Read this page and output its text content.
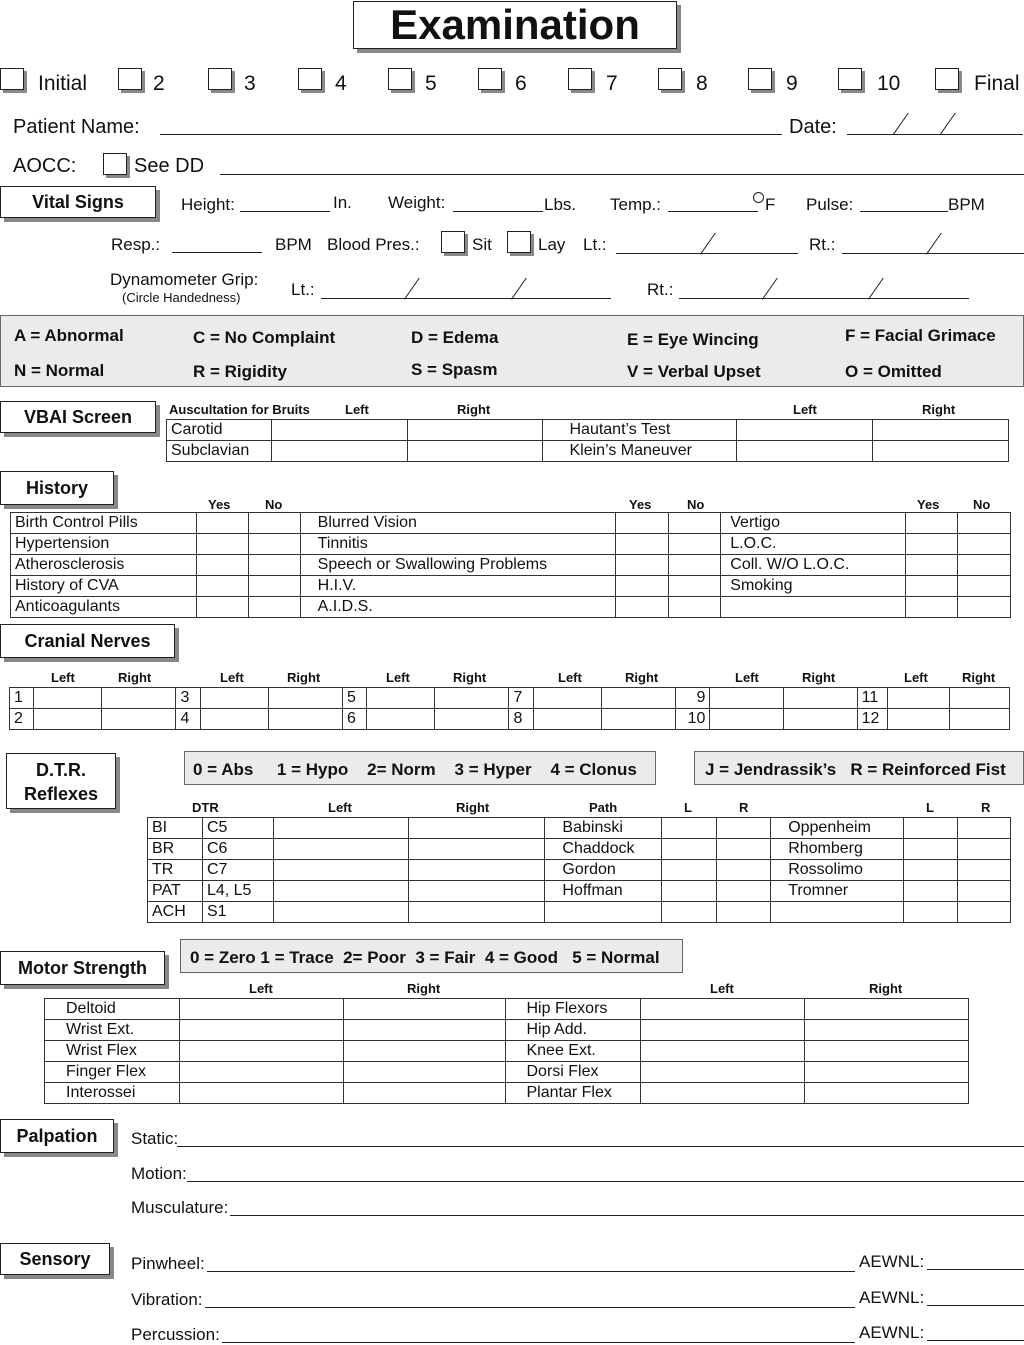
Examination
Initial	2	3	4	5	6	7	8	9	10	Final
Patient Name:	Date:
AOCC:	See DD
Vital Signs	Height:	In. Weight:	Lbs. Temp.:	F Pulse:	BPM
Resp.:	BPM Blood Pres.:	Sit	Lay Lt.:	Rt.:
Dynamometer Grip:
(Circle Handedness)	Lt.:	Rt.:
A = Abnormal	C = No Complaint	D = Edema	E = Eye Wincing	F = Facial Grimace
N = Normal	R = Rigidity	S = Spasm	V = Verbal Upset	O = Omitted
VBAI Screen	Auscultation for Bruits	Left	Right	Left	Right
Carotid			Hautant’s Test		
Subclavian			Klein’s Maneuver		
History
Yes	No	Yes	No	Yes	No
Birth Control Pills			Blurred Vision			Vertigo		
Hypertension			Tinnitis			L.O.C.		
Atherosclerosis			Speech or Swallowing Problems			Coll. W/O L.O.C.		
History of CVA			H.I.V.			Smoking		
Anticoagulants			A.I.D.S.					
Cranial Nerves
Left	Right	Left	Right	Left	Right	Left	Right	Left	Right	Left	Right
1			3			5			7			9			11		
2			4			6			8			10			12		
D.T.R.
Reflexes
0 = Abs     1 = Hypo    2= Norm    3 = Hyper    4 = Clonus	J = Jendrassik’s   R = Reinforced Fist
DTR	Left	Right	Path	L	R	L	R
BI	C5			Babinski			Oppenheim		
BR	C6			Chaddock			Rhomberg		
TR	C7			Gordon			Rossolimo		
PAT	L4, L5			Hoffman			Tromner		
ACH	S1								
Motor Strength
0 = Zero 1 = Trace  2= Poor  3 = Fair  4 = Good   5 = Normal
Left	Right	Left	Right
Deltoid			Hip Flexors		
Wrist Ext.			Hip Add.		
Wrist Flex			Knee Ext.		
Finger Flex			Dorsi Flex		
Interossei			Plantar Flex		
Palpation	Static:
Motion:
Musculature:
Sensory	Pinwheel:	AEWNL:
Vibration:	AEWNL:
Percussion:	AEWNL:
